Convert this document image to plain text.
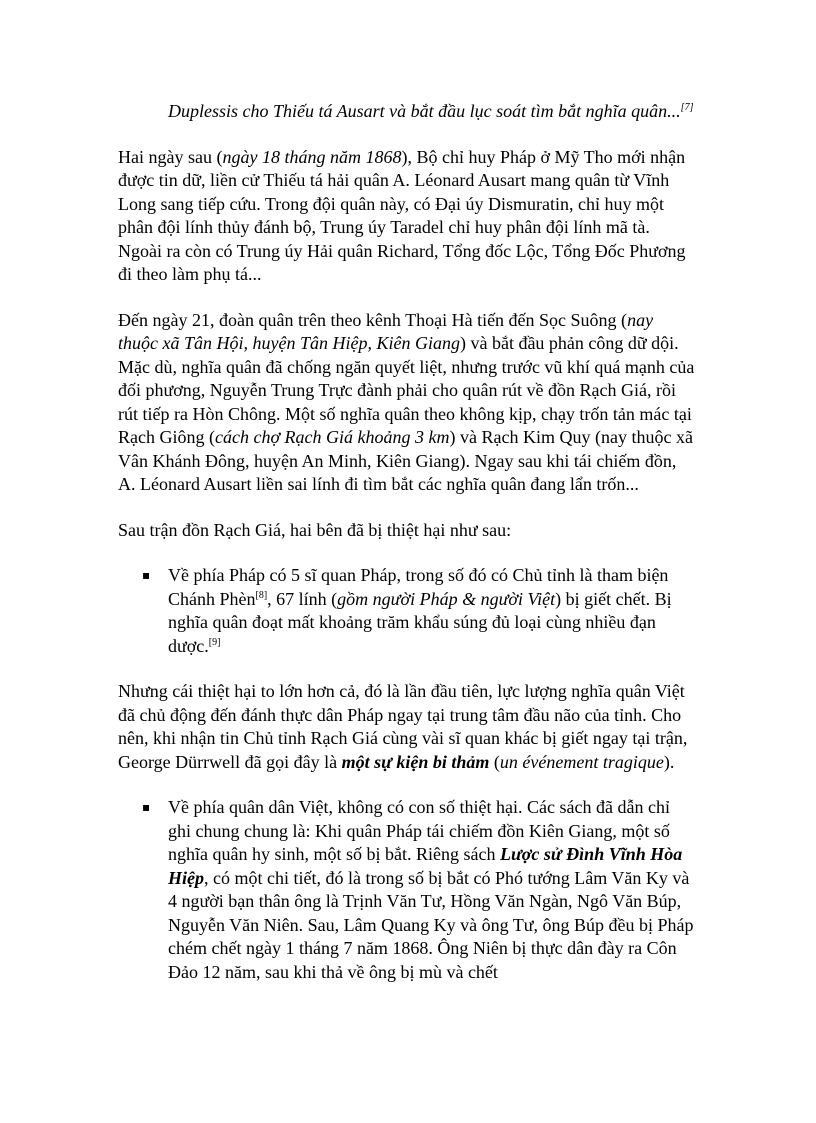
Duplessis cho Thiếu tá Ausart và bắt đầu lục soát tìm bắt nghĩa quân...[7]

Hai ngày sau (ngày 18 tháng năm 1868), Bộ chỉ huy Pháp ở Mỹ Tho mới nhận được tin dữ, liền cử Thiếu tá hải quân A. Léonard Ausart mang quân từ Vĩnh Long sang tiếp cứu. Trong đội quân này, có Đại úy Dismuratin, chỉ huy một phân đội lính thủy đánh bộ, Trung úy Taradel chỉ huy phân đội lính mã tà. Ngoài ra còn có Trung úy Hải quân Richard, Tổng đốc Lộc, Tổng Đốc Phương đi theo làm phụ tá...

Đến ngày 21, đoàn quân trên theo kênh Thoại Hà tiến đến Sọc Suông (nay thuộc xã Tân Hội, huyện Tân Hiệp, Kiên Giang) và bắt đầu phản công dữ dội. Mặc dù, nghĩa quân đã chống ngăn quyết liệt, nhưng trước vũ khí quá mạnh của đối phương, Nguyễn Trung Trực đành phải cho quân rút về đồn Rạch Giá, rồi rút tiếp ra Hòn Chông. Một số nghĩa quân theo không kịp, chạy trốn tản mác tại Rạch Giông (cách chợ Rạch Giá khoảng 3 km) và Rạch Kim Quy (nay thuộc xã Vân Khánh Đông, huyện An Minh, Kiên Giang). Ngay sau khi tái chiếm đồn, A. Léonard Ausart liền sai lính đi tìm bắt các nghĩa quân đang lẩn trốn...

Sau trận đồn Rạch Giá, hai bên đã bị thiệt hại như sau:

▪ Về phía Pháp có 5 sĩ quan Pháp, trong số đó có Chủ tỉnh là tham biện Chánh Phèn[8], 67 lính (gồm người Pháp & người Việt) bị giết chết. Bị nghĩa quân đoạt mất khoảng trăm khẩu súng đủ loại cùng nhiều đạn dược.[9]

Nhưng cái thiệt hại to lớn hơn cả, đó là lần đầu tiên, lực lượng nghĩa quân Việt đã chủ động đến đánh thực dân Pháp ngay tại trung tâm đầu não của tỉnh. Cho nên, khi nhận tin Chủ tỉnh Rạch Giá cùng vài sĩ quan khác bị giết ngay tại trận, George Dürrwell đã gọi đây là một sự kiện bi thảm (un événement tragique).

▪ Về phía quân dân Việt, không có con số thiệt hại. Các sách đã dẫn chỉ ghi chung chung là: Khi quân Pháp tái chiếm đồn Kiên Giang, một số nghĩa quân hy sinh, một số bị bắt. Riêng sách Lược sử Đình Vĩnh Hòa Hiệp, có một chi tiết, đó là trong số bị bắt có Phó tướng Lâm Văn Ky và 4 người bạn thân ông là Trịnh Văn Tư, Hồng Văn Ngàn, Ngô Văn Búp, Nguyễn Văn Niên. Sau, Lâm Quang Ky và ông Tư, ông Búp đều bị Pháp chém chết ngày 1 tháng 7 năm 1868. Ông Niên bị thực dân đày ra Côn Đảo 12 năm, sau khi thả về ông bị mù và chết
